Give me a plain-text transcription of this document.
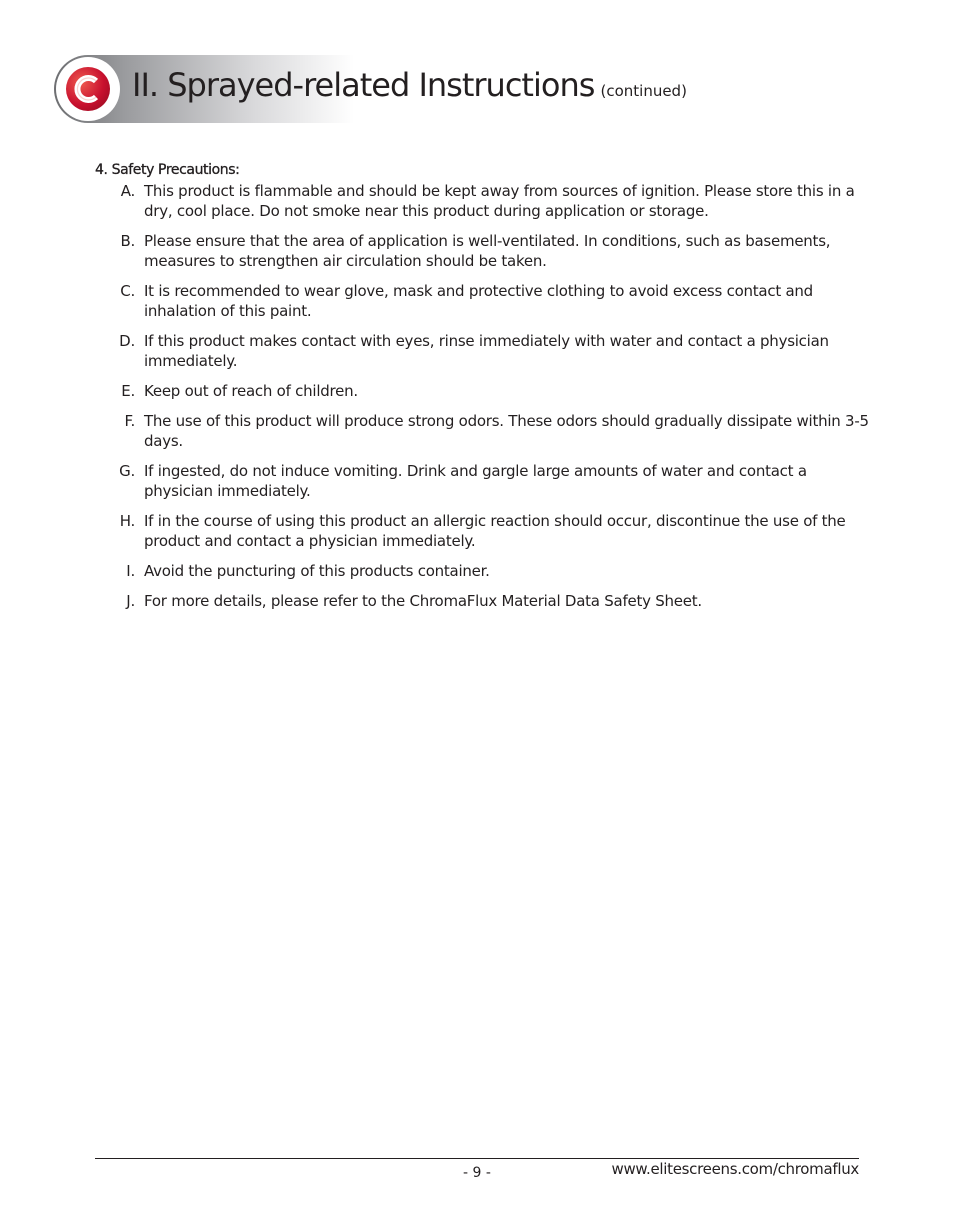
II. Sprayed-related Instructions (continued)
4. Safety Precautions:
A. This product is flammable and should be kept away from sources of ignition. Please store this in a dry, cool place. Do not smoke near this product during application or storage.
B. Please ensure that the area of application is well-ventilated. In conditions, such as basements, measures to strengthen air circulation should be taken.
C. It is recommended to wear glove, mask and protective clothing to avoid excess contact and inhalation of this paint.
D. If this product makes contact with eyes, rinse immediately with water and contact a physician immediately.
E. Keep out of reach of children.
F. The use of this product will produce strong odors. These odors should gradually dissipate within 3-5 days.
G. If ingested, do not induce vomiting. Drink and gargle large amounts of water and contact a physician immediately.
H. If in the course of using this product an allergic reaction should occur, discontinue the use of the product and contact a physician immediately.
I. Avoid the puncturing of this products container.
J. For more details, please refer to the ChromaFlux Material Data Safety Sheet.
- 9 -	www.elitescreens.com/chromaflux
